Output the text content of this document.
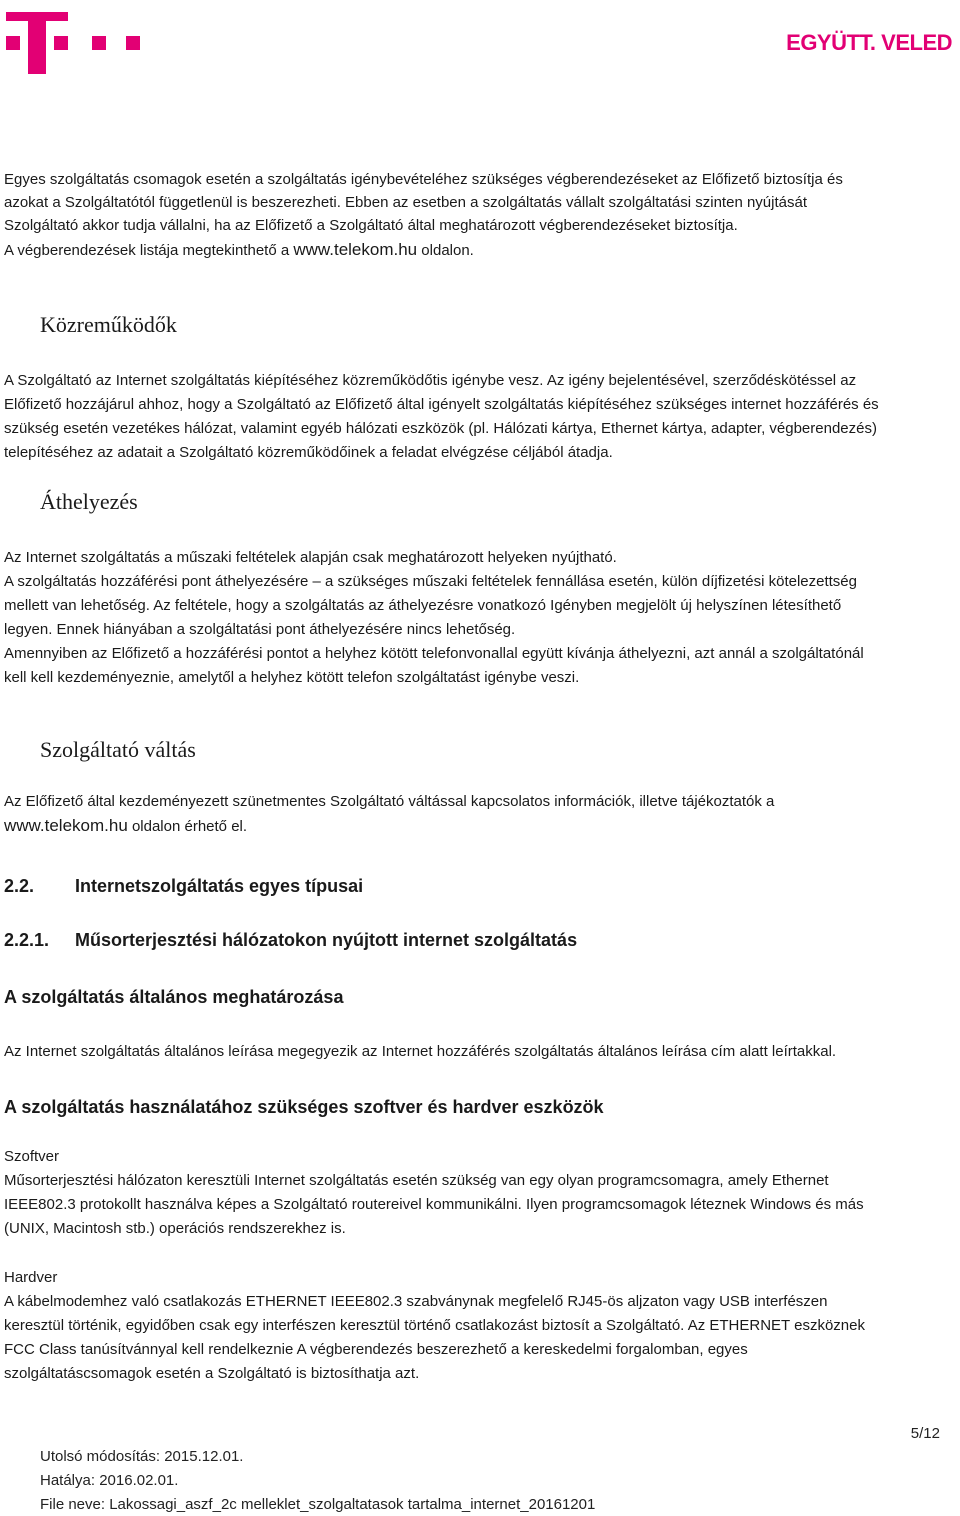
EGYÜTT. VELED
Egyes szolgáltatás csomagok esetén a szolgáltatás igénybevételéhez szükséges végberendezéseket az Előfizető biztosítja és
azokat a Szolgáltatótól függetlenül is beszerezheti. Ebben az esetben a szolgáltatás vállalt szolgáltatási szinten nyújtását
Szolgáltató akkor tudja vállalni, ha az Előfizető a Szolgáltató által meghatározott végberendezéseket biztosítja.
A végberendezések listája megtekinthető a www.telekom.hu oldalon.
Közreműködők
A Szolgáltató az Internet szolgáltatás kiépítéséhez közreműködőtis igénybe vesz. Az igény bejelentésével, szerződéskötéssel az
Előfizető hozzájárul ahhoz, hogy a Szolgáltató az Előfizető által igényelt szolgáltatás kiépítéséhez szükséges internet hozzáférés és
szükség esetén vezetékes hálózat, valamint egyéb hálózati eszközök (pl. Hálózati kártya, Ethernet kártya, adapter, végberendezés)
telepítéséhez az adatait a Szolgáltató közreműködőinek a feladat elvégzése céljából átadja.
Áthelyezés
Az Internet szolgáltatás a műszaki feltételek alapján csak meghatározott helyeken nyújtható.
A szolgáltatás hozzáférési pont áthelyezésére – a szükséges műszaki feltételek fennállása esetén, külön díjfizetési kötelezettség
mellett van lehetőség. Az feltétele, hogy a szolgáltatás az áthelyezésre vonatkozó Igényben megjelölt új helyszínen létesíthető
legyen. Ennek hiányában a szolgáltatási pont áthelyezésére nincs lehetőség.
Amennyiben az Előfizető a hozzáférési pontot a helyhez kötött telefonvonallal együtt kívánja áthelyezni, azt annál a szolgáltatónál
kell kell kezdeményeznie, amelytől a helyhez kötött telefon szolgáltatást igénybe veszi.
Szolgáltató váltás
Az Előfizető által kezdeményezett szünetmentes Szolgáltató váltással kapcsolatos információk, illetve tájékoztatók a
www.telekom.hu oldalon érhető el.
2.2. Internetszolgáltatás egyes típusai
2.2.1. Műsorterjesztési hálózatokon nyújtott internet szolgáltatás
A szolgáltatás általános meghatározása
Az Internet szolgáltatás általános leírása megegyezik az Internet hozzáférés szolgáltatás általános leírása cím alatt leírtakkal.
A szolgáltatás használatához szükséges szoftver és hardver eszközök
Szoftver
Műsorterjesztési hálózaton keresztüli Internet szolgáltatás esetén szükség van egy olyan programcsomagra, amely Ethernet
IEEE802.3 protokollt használva képes a Szolgáltató routereivel kommunikálni. Ilyen programcsomagok léteznek Windows és más
(UNIX, Macintosh stb.) operációs rendszerekhez is.
Hardver
A kábelmodemhez való csatlakozás ETHERNET IEEE802.3 szabványnak megfelelő RJ45-ös aljzaton vagy USB interfészen
keresztül történik, egyidőben csak egy interfészen keresztül történő csatlakozást biztosít a Szolgáltató. Az ETHERNET eszköznek
FCC Class tanúsítvánnyal kell rendelkeznie A végberendezés beszerezhető a kereskedelmi forgalomban, egyes
szolgáltatáscsomagok esetén a Szolgáltató is biztosíthatja azt.
5/12
Utolsó módosítás: 2015.12.01.
Hatálya: 2016.02.01.
File neve: Lakossagi_aszf_2c melleklet_szolgaltatasok tartalma_internet_20161201
